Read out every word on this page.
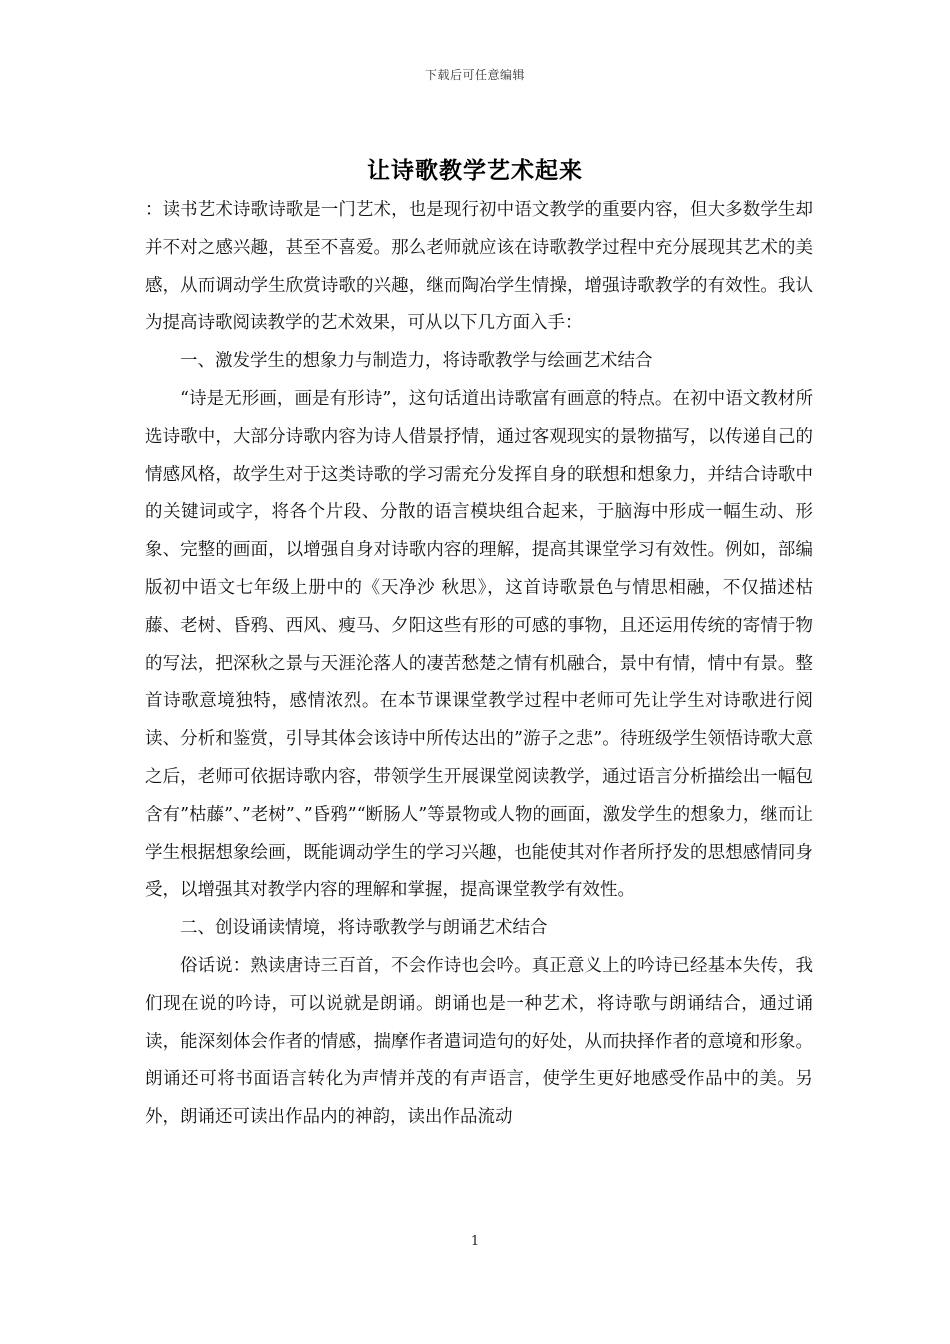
下载后可任意编辑
让诗歌教学艺术起来

：读书艺术诗歌诗歌是一门艺术，也是现行初中语文教学的重要内容，但大多数学生却并不对之感兴趣，甚至不喜爱。那么老师就应该在诗歌教学过程中充分展现其艺术的美感，从而调动学生欣赏诗歌的兴趣，继而陶冶学生情操，增强诗歌教学的有效性。我认为提高诗歌阅读教学的艺术效果，可从以下几方面入手：

一、激发学生的想象力与制造力，将诗歌教学与绘画艺术结合

“诗是无形画，画是有形诗”，这句话道出诗歌富有画意的特点。在初中语文教材所选诗歌中，大部分诗歌内容为诗人借景抒情，通过客观现实的景物描写，以传递自己的情感风格，故学生对于这类诗歌的学习需充分发挥自身的联想和想象力，并结合诗歌中的关键词或字，将各个片段、分散的语言模块组合起来，于脑海中形成一幅生动、形象、完整的画面，以增强自身对诗歌内容的理解，提高其课堂学习有效性。例如，部编版初中语文七年级上册中的《天净沙 秋思》，这首诗歌景色与情思相融，不仅描述枯藤、老树、昏鸦、西风、瘦马、夕阳这些有形的可感的事物，且还运用传统的寄情于物的写法，把深秋之景与天涯沦落人的凄苦愁楚之情有机融合，景中有情，情中有景。整首诗歌意境独特，感情浓烈。在本节课课堂教学过程中老师可先让学生对诗歌进行阅读、分析和鉴赏，引导其体会该诗中所传达出的”游子之悲”。待班级学生领悟诗歌大意之后，老师可依据诗歌内容，带领学生开展课堂阅读教学，通过语言分析描绘出一幅包含有”枯藤”、”老树”、”昏鸦”“断肠人”等景物或人物的画面，激发学生的想象力，继而让学生根据想象绘画，既能调动学生的学习兴趣，也能使其对作者所抒发的思想感情同身受，以增强其对教学内容的理解和掌握，提高课堂教学有效性。

二、创设诵读情境，将诗歌教学与朗诵艺术结合

俗话说：熟读唐诗三百首，不会作诗也会吟。真正意义上的吟诗已经基本失传，我们现在说的吟诗，可以说就是朗诵。朗诵也是一种艺术，将诗歌与朗诵结合，通过诵读，能深刻体会作者的情感，揣摩作者遣词造句的好处，从而抉择作者的意境和形象。朗诵还可将书面语言转化为声情并茂的有声语言，使学生更好地感受作品中的美。另外，朗诵还可读出作品内的神韵，读出作品流动

1
